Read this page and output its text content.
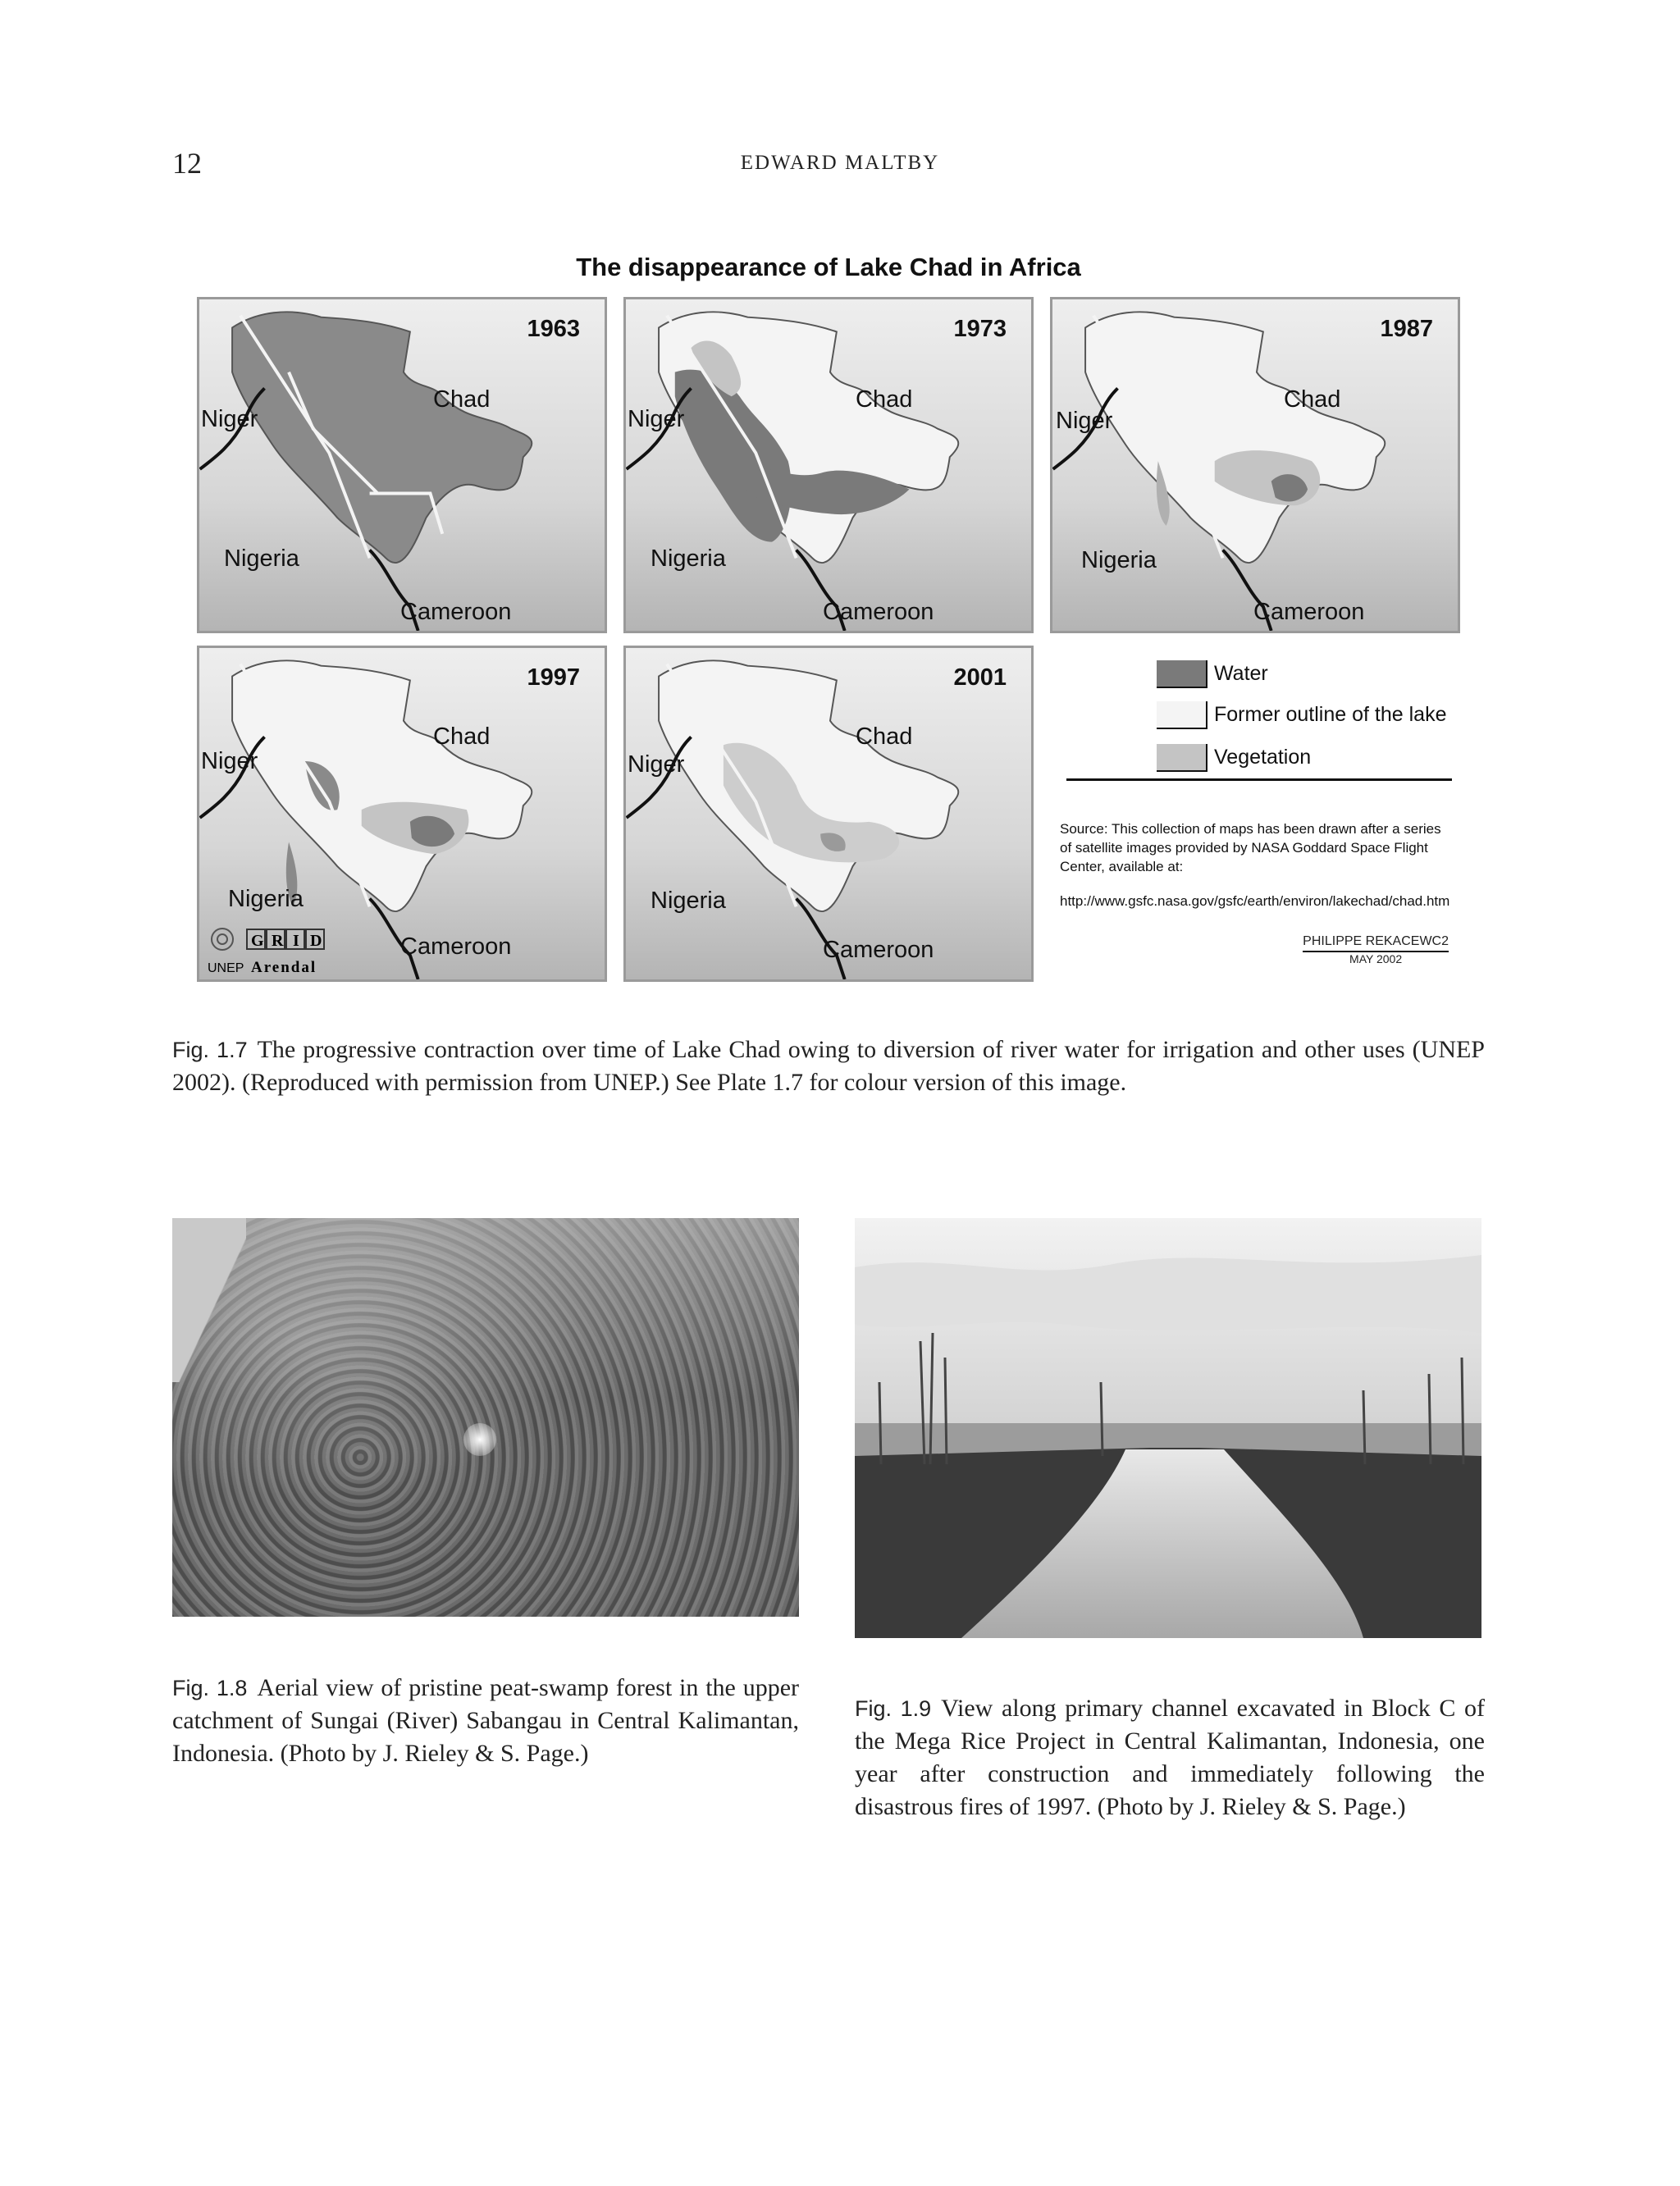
12	EDWARD MALTBY
The disappearance of Lake Chad in Africa
1963
Chad
Niger
Nigeria
Cameroon
1973
Chad
Niger
Nigeria
Cameroon
1987
Chad
Niger
Nigeria
Cameroon
1997
Chad
Niger
Nigeria
Cameroon
G R I D
UNEP Arendal
2001
Chad
Niger
Nigeria
Cameroon
Water
Former outline of the lake
Vegetation
Source: This collection of maps has been drawn after a series of satellite images provided by NASA Goddard Space Flight Center, available at:
http://www.gsfc.nasa.gov/gsfc/earth/environ/lakechad/chad.htm
PHILIPPE REKACEWC2
MAY 2002

Fig. 1.7 The progressive contraction over time of Lake Chad owing to diversion of river water for irrigation and other uses (UNEP 2002). (Reproduced with permission from UNEP.) See Plate 1.7 for colour version of this image.

Fig. 1.8 Aerial view of pristine peat-swamp forest in the upper catchment of Sungai (River) Sabangau in Central Kalimantan, Indonesia. (Photo by J. Rieley & S. Page.)

Fig. 1.9 View along primary channel excavated in Block C of the Mega Rice Project in Central Kalimantan, Indonesia, one year after construction and immediately following the disastrous fires of 1997. (Photo by J. Rieley & S. Page.)
